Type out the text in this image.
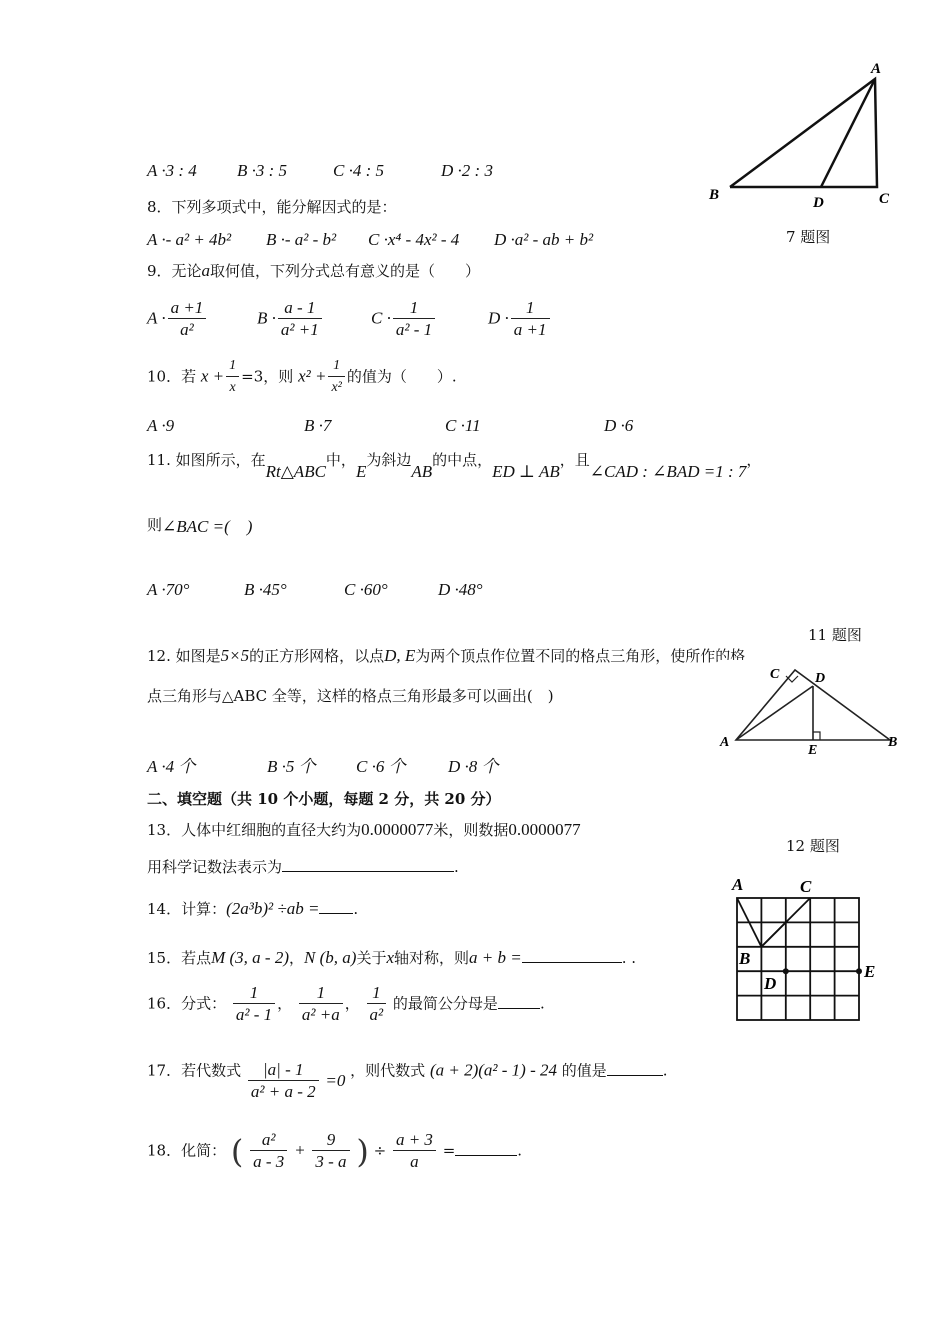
A
B	D	C
7 题图
A ·3 : 4 B ·3 : 5	C ·4 : 5	D ·2 : 3
8．下列多项式中，能分解因式的是：
A ·- a² + 4b² B ·- a² - b² C ·x⁴ - 4x² - 4 D ·a² - ab + b²
9．无论a取何值，下列分式总有意义的是（　　）
$A \cdot \frac{a +1}{\text{a²}}$	$B \cdot \frac{a - 1}{\text{a² +1}}$	$C \cdot \frac{1}{\text{a² - 1}}$	$D \cdot \frac{1}{a +1}$
10．若 $x + \frac{1}{x} =3$，则 $x^2 + \frac{1}{\text{x²}}$ 的值为（　　）.
A ·9	B ·7	C ·11	D ·6
11. 如图所示，在Rt△ABC中，E为斜边AB的中点，ED ⊥ AB，且∠CAD : ∠BAD =1 : 7，
则∠BAC =(　)
A ·70°	B ·45°	C ·60°	D ·48°
11 题图
12. 如图是5×5的正方形网格，以点D, E为两个顶点作位置不同的格点三角形，使所作的格
点三角形与△ABC 全等，这样的格点三角形最多可以画出(　)
C	D
A
E
B
A ·4 个	B ·5 个 C ·6 个 D ·8 个
二、填空题（共 10 个小题，每题 2 分，共 20 分）
13．人体中红细胞的直径大约为0.0000077米，则数据0.0000077
用科学记数法表示为	.
12 题图
A	C
B
D
E
14．计算：(2a³b)² ÷ab = .
15．若点M (3, a - 2)，N (b, a)关于x轴对称，则a + b =	. .
16．分式： $\frac{1}{\text{a² - 1}}$ ， $\frac{1}{\text{a² +a}}$ ， $\frac{1}{\text{a²}}$ 的最简公分母是	.
17．若代数式 $\frac{|a| - 1}{\text{a² + a - 2}} =0$ ，则代数式 (a + 2)(a² - 1) - 24 的值是	.
18．化简： ( $\frac{\text{a²}}{a - 3} + \frac{9}{3 - a}$ ) ÷ $\frac{a + 3}{a}$ =	.
